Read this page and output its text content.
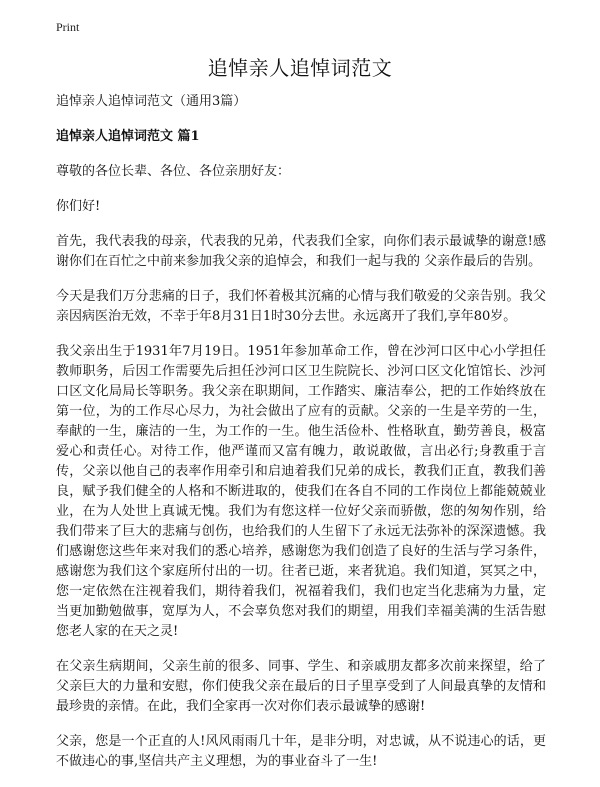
Print
追悼亲人追悼词范文

追悼亲人追悼词范文（通用3篇）

追悼亲人追悼词范文 篇1

尊敬的各位长辈、各位、各位亲朋好友：

你们好!

首先，我代表我的母亲，代表我的兄弟，代表我们全家，向你们表示最诚挚的谢意!感谢你们在百忙之中前来参加我父亲的追悼会，和我们一起与我的 父亲作最后的告别。

今天是我们万分悲痛的日子，我们怀着极其沉痛的心情与我们敬爱的父亲告别。我父亲因病医治无效，不幸于年8月31日1时30分去世。永远离开了我们,享年80岁。

我父亲出生于1931年7月19日。1951年参加革命工作，曾在沙河口区中心小学担任教师职务，后因工作需要先后担任沙河口区卫生院院长、沙河口区文化馆馆长、沙河口区文化局局长等职务。我父亲在职期间，工作踏实、廉洁奉公，把的工作始终放在第一位，为的工作尽心尽力，为社会做出了应有的贡献。父亲的一生是辛劳的一生，奉献的一生，廉洁的一生，为工作的一生。他生活俭朴、性格耿直，勤劳善良，极富爱心和责任心。对待工作，他严谨而又富有魄力，敢说敢做，言出必行;身教重于言传，父亲以他自己的表率作用牵引和启迪着我们兄弟的成长，教我们正直，教我们善良，赋予我们健全的人格和不断进取的，使我们在各自不同的工作岗位上都能兢兢业业，在为人处世上真诚无愧。我们为有您这样一位好父亲而骄傲，您的匆匆作别，给我们带来了巨大的悲痛与创伤，也给我们的人生留下了永远无法弥补的深深遗憾。我们感谢您这些年来对我们的悉心培养，感谢您为我们创造了良好的生活与学习条件，感谢您为我们这个家庭所付出的一切。往者已逝，来者犹追。我们知道，冥冥之中，您一定依然在注视着我们，期待着我们，祝福着我们，我们也定当化悲痛为力量，定当更加勤勉做事，宽厚为人，不会辜负您对我们的期望，用我们幸福美满的生活告慰您老人家的在天之灵!

在父亲生病期间，父亲生前的很多、同事、学生、和亲戚朋友都多次前来探望，给了父亲巨大的力量和安慰，你们使我父亲在最后的日子里享受到了人间最真挚的友情和最珍贵的亲情。在此，我们全家再一次对你们表示最诚挚的感谢!

父亲，您是一个正直的人!风风雨雨几十年，是非分明，对忠诚，从不说违心的话，更不做违心的事,坚信共产主义理想，为的事业奋斗了一生!
